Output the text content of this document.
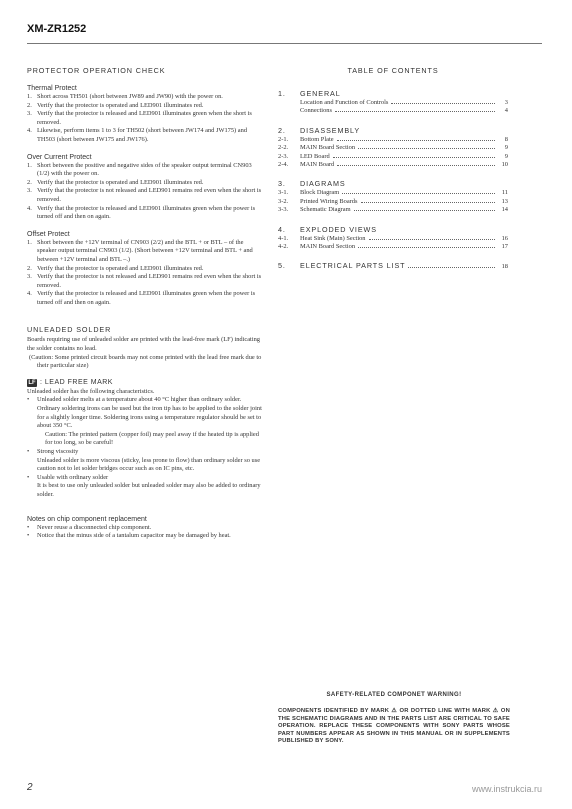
XM-ZR1252
PROTECTOR OPERATION CHECK
Thermal Protect
1. Short across TH501 (short between JW89 and JW90) with the power on.
2. Verify that the protector is operated and LED901 illuminates red.
3. Verify that the protector is released and LED901 illuminates green when the short is removed.
4. Likewise, perform items 1 to 3 for TH502 (short between JW174 and JW175) and TH503 (short between JW175 and JW176).
Over Current Protect
1. Short between the positive and negative sides of the speaker output terminal CN903 (1/2) with the power on.
2. Verify that the protector is operated and LED901 illuminates red.
3. Verify that the protector is not released and LED901 remains red even when the short is removed.
4. Verify that the protector is released and LED901 illuminates green when the power is turned off and then on again.
Offset Protect
1. Short between the +12V terminal of CN903 (2/2) and the BTL + or BTL – of the speaker output terminal CN903 (1/2). (Short between +12V terminal and BTL + and between +12V terminal and BTL –.)
2. Verify that the protector is operated and LED901 illuminates red.
3. Verify that the protector is not released and LED901 remains red even when the short is removed.
4. Verify that the protector is released and LED901 illuminates green when the power is turned off and then on again.
UNLEADED SOLDER

Boards requiring use of unleaded solder are printed with the lead-free mark (LF) indicating the solder contains no lead.

(Caution: Some printed circuit boards may not come printed with the lead free mark due to their particular size)

LF : LEAD FREE MARK

Unleaded solder has the following characteristics.

• Unleaded solder melts at a temperature about 40 °C higher than ordinary solder.
Ordinary soldering irons can be used but the iron tip has to be applied to the solder joint for a slightly longer time. Soldering irons using a temperature regulator should be set to about 350 °C.
Caution: The printed pattern (copper foil) may peel away if the heated tip is applied for too long, so be careful!
• Strong viscosity
Unleaded solder is more viscous (sticky, less prone to flow) than ordinary solder so use caution not to let solder bridges occur such as on IC pins, etc.
• Usable with ordinary solder
It is best to use only unleaded solder but unleaded solder may also be added to ordinary solder.
Notes on chip component replacement
• Never reuse a disconnected chip component.
• Notice that the minus side of a tantalum capacitor may be damaged by heat.
TABLE OF CONTENTS
1.	GENERAL
Location and Function of Controls	3
Connections	4
2.	DISASSEMBLY
2-1.	Bottom Plate	8
2-2.	MAIN Board Section	9
2-3.	LED Board	9
2-4.	MAIN Board	10
3.	DIAGRAMS
3-1.	Block Diagram	11
3-2.	Printed Wiring Boards	13
3-3.	Schematic Diagram	14
4.	EXPLODED VIEWS
4-1.	Heat Sink (Main) Section	16
4-2.	MAIN Board Section	17
5.	ELECTRICAL PARTS LIST	18
SAFETY-RELATED COMPONET WARNING!
COMPONENTS IDENTIFIED BY MARK ⚠ OR DOTTED LINE WITH MARK ⚠ ON THE SCHEMATIC DIAGRAMS AND IN THE PARTS LIST ARE CRITICAL TO SAFE OPERATION. REPLACE THESE COMPONENTS WITH SONY PARTS WHOSE PART NUMBERS APPEAR AS SHOWN IN THIS MANUAL OR IN SUPPLEMENTS PUBLISHED BY SONY.
2	www.instrukcia.ru
